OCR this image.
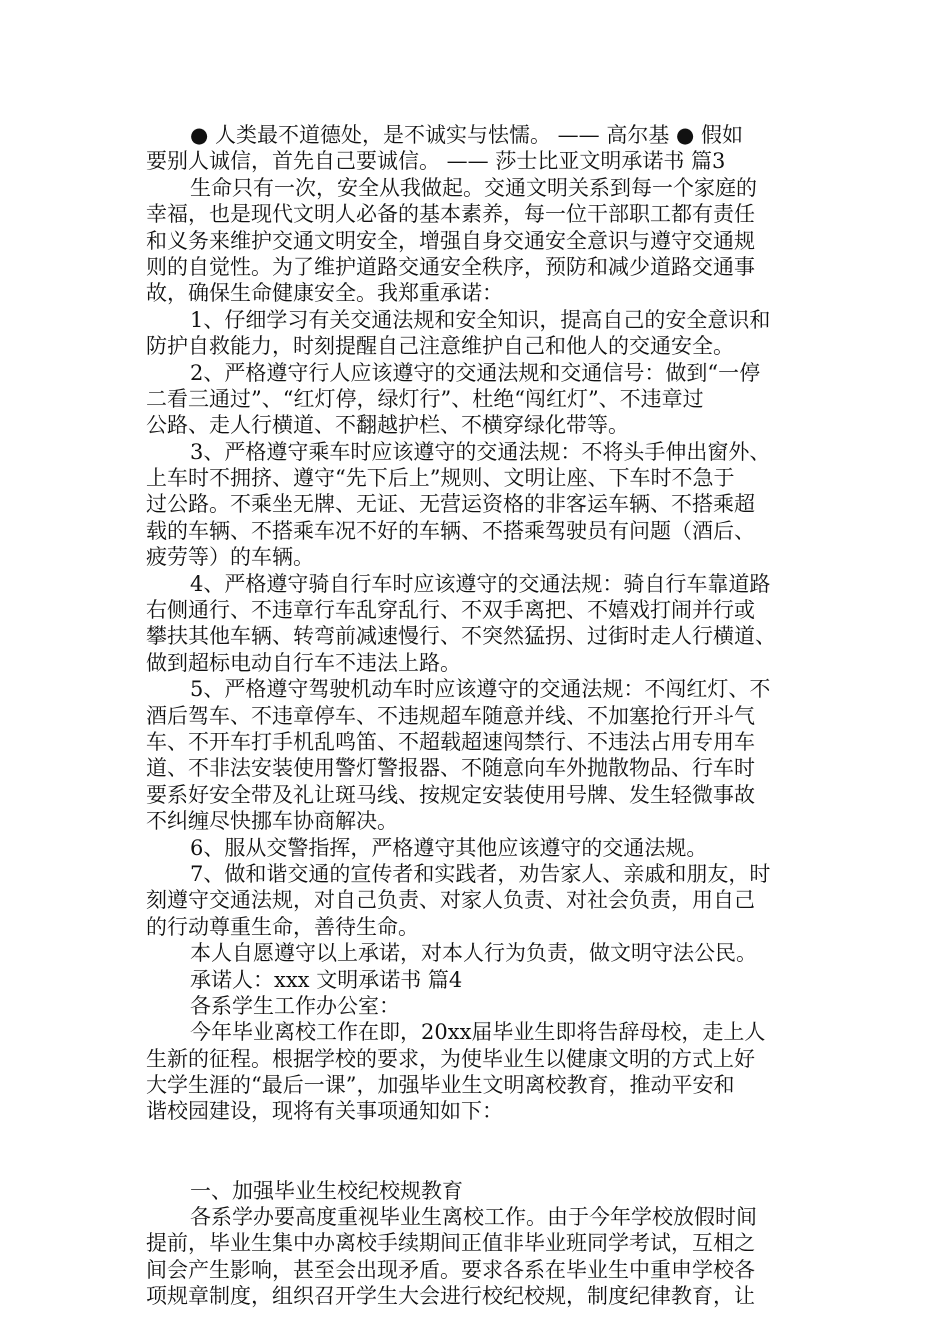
● 人类最不道德处，是不诚实与怯懦。 —— 高尔基 ● 假如
要别人诚信，首先自己要诚信。 —— 莎士比亚文明承诺书 篇3
生命只有一次，安全从我做起。交通文明关系到每一个家庭的
幸福，也是现代文明人必备的基本素养，每一位干部职工都有责任
和义务来维护交通文明安全，增强自身交通安全意识与遵守交通规
则的自觉性。为了维护道路交通安全秩序，预防和减少道路交通事
故，确保生命健康安全。我郑重承诺：
1、仔细学习有关交通法规和安全知识，提高自己的安全意识和
防护自救能力，时刻提醒自己注意维护自己和他人的交通安全。
2、严格遵守行人应该遵守的交通法规和交通信号：做到“一停
二看三通过”、“红灯停，绿灯行”、杜绝“闯红灯”、不违章过
公路、走人行横道、不翻越护栏、不横穿绿化带等。
3、严格遵守乘车时应该遵守的交通法规：不将头手伸出窗外、
上车时不拥挤、遵守“先下后上”规则、文明让座、下车时不急于
过公路。不乘坐无牌、无证、无营运资格的非客运车辆、不搭乘超
载的车辆、不搭乘车况不好的车辆、不搭乘驾驶员有问题（酒后、
疲劳等）的车辆。
4、严格遵守骑自行车时应该遵守的交通法规：骑自行车靠道路
右侧通行、不违章行车乱穿乱行、不双手离把、不嬉戏打闹并行或
攀扶其他车辆、转弯前减速慢行、不突然猛拐、过街时走人行横道、
做到超标电动自行车不违法上路。
5、严格遵守驾驶机动车时应该遵守的交通法规：不闯红灯、不
酒后驾车、不违章停车、不违规超车随意并线、不加塞抢行开斗气
车、不开车打手机乱鸣笛、不超载超速闯禁行、不违法占用专用车
道、不非法安装使用警灯警报器、不随意向车外抛散物品、行车时
要系好安全带及礼让斑马线、按规定安装使用号牌、发生轻微事故
不纠缠尽快挪车协商解决。
6、服从交警指挥，严格遵守其他应该遵守的交通法规。
7、做和谐交通的宣传者和实践者，劝告家人、亲戚和朋友，时
刻遵守交通法规，对自己负责、对家人负责、对社会负责，用自己
的行动尊重生命，善待生命。
本人自愿遵守以上承诺，对本人行为负责，做文明守法公民。
承诺人：xxx 文明承诺书 篇4
各系学生工作办公室：
今年毕业离校工作在即，20xx届毕业生即将告辞母校，走上人
生新的征程。根据学校的要求，为使毕业生以健康文明的方式上好
大学生涯的“最后一课”，加强毕业生文明离校教育，推动平安和
谐校园建设，现将有关事项通知如下：
一、加强毕业生校纪校规教育
各系学办要高度重视毕业生离校工作。由于今年学校放假时间
提前，毕业生集中办离校手续期间正值非毕业班同学考试，互相之
间会产生影响，甚至会出现矛盾。要求各系在毕业生中重申学校各
项规章制度，组织召开学生大会进行校纪校规，制度纪律教育，让
